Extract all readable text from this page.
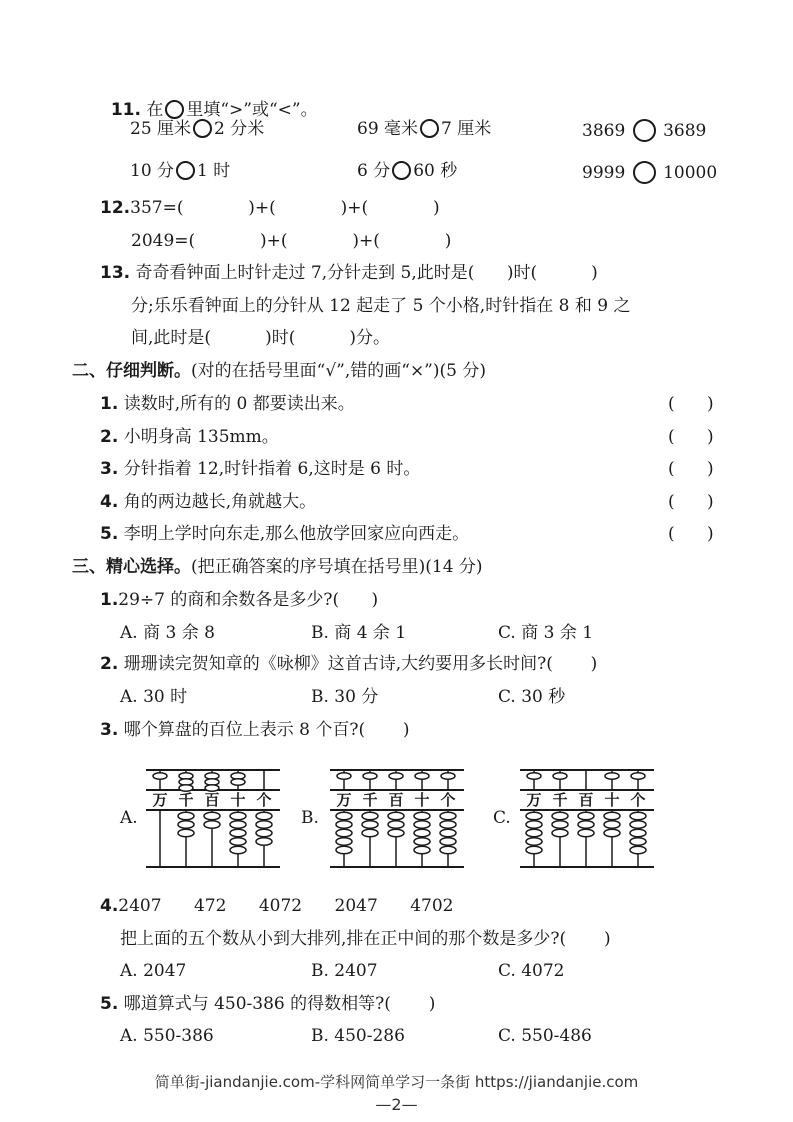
11. 在 里填“>”或“<”。

25 厘米 2 分米	69 毫米 7 厘米	3869 3689
10 分 1 时	6 分 60 秒	9999 10000
12.357=(            )+(            )+(            )
2049=(            )+(            )+(            )
13. 奇奇看钟面上时针走过 7,分针走到 5,此时是(      )时(          )
分;乐乐看钟面上的分针从 12 起走了 5 个小格,时针指在 8 和 9 之
间,此时是(          )时(          )分。
二、仔细判断。(对的在括号里面“√”,错的画“×”)(5 分)
1. 读数时,所有的 0 都要读出来。	(      )
2. 小明身高 135mm。	(      )
3. 分针指着 12,时针指着 6,这时是 6 时。	(      )
4. 角的两边越长,角就越大。	(      )
5. 李明上学时向东走,那么他放学回家应向西走。	(      )
三、精心选择。(把正确答案的序号填在括号里)(14 分)
1.29÷7 的商和余数各是多少?(      )
A. 商 3 余 8	B. 商 4 余 1	C. 商 3 余 1
2. 珊珊读完贺知章的《咏柳》这首古诗,大约要用多长时间?(       )
A. 30 时	B. 30 分	C. 30 秒
3. 哪个算盘的百位上表示 8 个百?(       )
A.
万 千 百 十 个
B.
万 千 百 十 个
C.
万 千 百 十 个
4.2407      472      4072      2047      4702
把上面的五个数从小到大排列,排在正中间的那个数是多少?(       )
A. 2047	B. 2407	C. 4072
5. 哪道算式与 450-386 的得数相等?(       )
A. 550-386	B. 450-286	C. 550-486
简单街-jiandanjie.com-学科网简单学习一条街 https://jiandanjie.com
—2—
